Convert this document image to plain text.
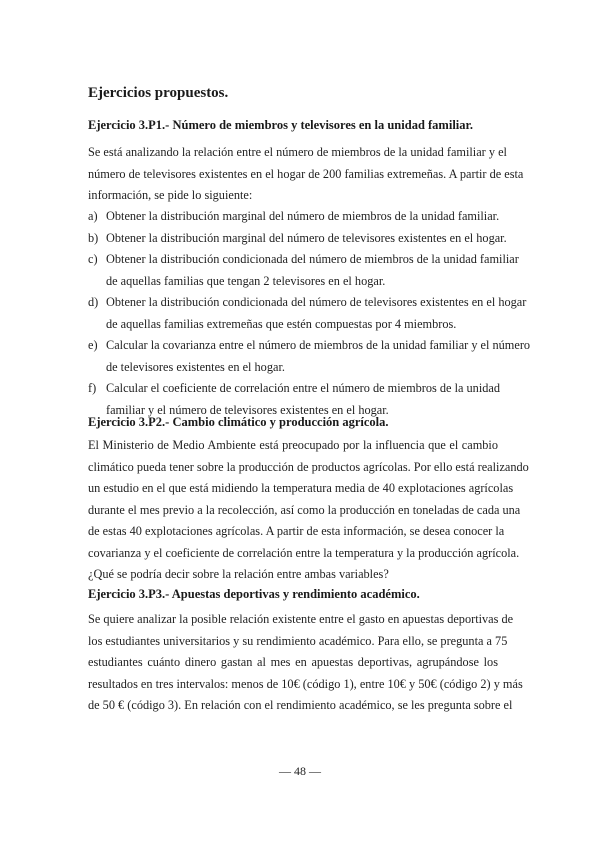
Ejercicios propuestos.
Ejercicio 3.P1.- Número de miembros y televisores en la unidad familiar.
Se está analizando la relación entre el número de miembros de la unidad familiar y el
número de televisores existentes en el hogar de 200 familias extremeñas. A partir de esta
información, se pide lo siguiente:
a) Obtener la distribución marginal del número de miembros de la unidad familiar.
b) Obtener la distribución marginal del número de televisores existentes en el hogar.
c) Obtener la distribución condicionada del número de miembros de la unidad familiar
de aquellas familias que tengan 2 televisores en el hogar.
d) Obtener la distribución condicionada del número de televisores existentes en el hogar
de aquellas familias extremeñas que estén compuestas por 4 miembros.
e) Calcular la covarianza entre el número de miembros de la unidad familiar y el número
de televisores existentes en el hogar.
f) Calcular el coeficiente de correlación entre el número de miembros de la unidad
familiar y el número de televisores existentes en el hogar.
Ejercicio 3.P2.- Cambio climático y producción agrícola.
El Ministerio de Medio Ambiente está preocupado por la influencia que el cambio
climático pueda tener sobre la producción de productos agrícolas. Por ello está realizando
un estudio en el que está midiendo la temperatura media de 40 explotaciones agrícolas
durante el mes previo a la recolección, así como la producción en toneladas de cada una
de estas 40 explotaciones agrícolas. A partir de esta información, se desea conocer la
covarianza y el coeficiente de correlación entre la temperatura y la producción agrícola.
¿Qué se podría decir sobre la relación entre ambas variables?
Ejercicio 3.P3.- Apuestas deportivas y rendimiento académico.
Se quiere analizar la posible relación existente entre el gasto en apuestas deportivas de
los estudiantes universitarios y su rendimiento académico. Para ello, se pregunta a 75
estudiantes cuánto dinero gastan al mes en apuestas deportivas, agrupándose los
resultados en tres intervalos: menos de 10€ (código 1), entre 10€ y 50€ (código 2) y más
de 50 € (código 3). En relación con el rendimiento académico, se les pregunta sobre el
— 48 —
